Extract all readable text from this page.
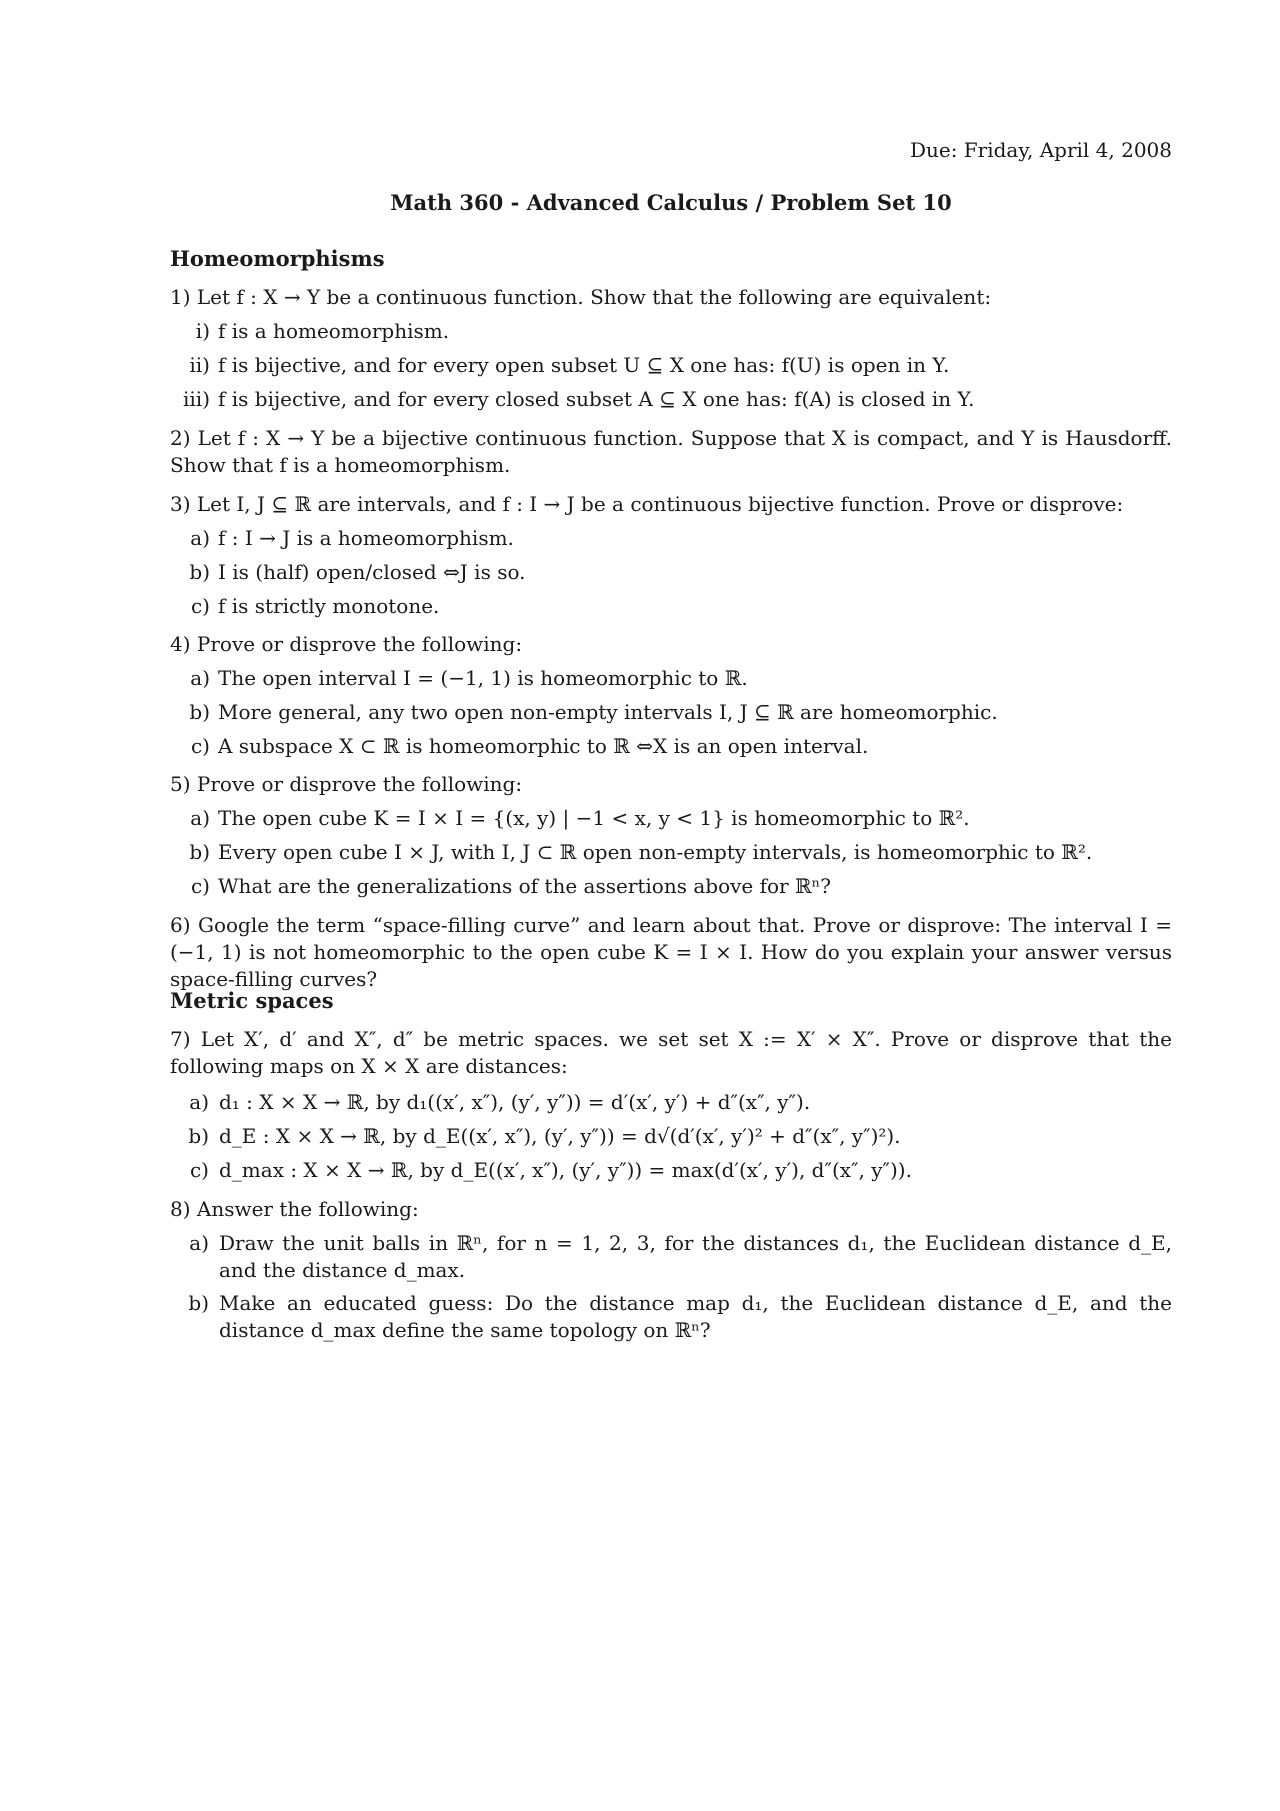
Due: Friday, April 4, 2008
Math 360 - Advanced Calculus / Problem Set 10
Homeomorphisms
1) Let f : X → Y be a continuous function. Show that the following are equivalent:
i) f is a homeomorphism.
ii) f is bijective, and for every open subset U ⊆ X one has: f(U) is open in Y.
iii) f is bijective, and for every closed subset A ⊆ X one has: f(A) is closed in Y.
2) Let f : X → Y be a bijective continuous function. Suppose that X is compact, and Y is Hausdorff. Show that f is a homeomorphism.
3) Let I, J ⊆ ℝ are intervals, and f : I → J be a continuous bijective function. Prove or disprove:
a) f : I → J is a homeomorphism.
b) I is (half) open/closed ⇔J is so.
c) f is strictly monotone.
4) Prove or disprove the following:
a) The open interval I = (−1, 1) is homeomorphic to ℝ.
b) More general, any two open non-empty intervals I, J ⊆ ℝ are homeomorphic.
c) A subspace X ⊂ ℝ is homeomorphic to ℝ ⇔X is an open interval.
5) Prove or disprove the following:
a) The open cube K = I × I = {(x, y) | −1 < x, y < 1} is homeomorphic to ℝ².
b) Every open cube I × J, with I, J ⊂ ℝ open non-empty intervals, is homeomorphic to ℝ².
c) What are the generalizations of the assertions above for ℝⁿ?
6) Google the term “space-filling curve” and learn about that. Prove or disprove: The interval I = (−1, 1) is not homeomorphic to the open cube K = I × I. How do you explain your answer versus space-filling curves?
Metric spaces
7) Let X′, d′ and X″, d″ be metric spaces. we set set X := X′ × X″. Prove or disprove that the following maps on X × X are distances:
a) d₁ : X × X → ℝ, by d₁((x′, x″), (y′, y″)) = d′(x′, y′) + d″(x″, y″).
b) d_E : X × X → ℝ, by d_E((x′, x″), (y′, y″)) = d√(d′(x′, y′)² + d″(x″, y″)²).
c) d_max : X × X → ℝ, by d_E((x′, x″), (y′, y″)) = max(d′(x′, y′), d″(x″, y″)).
8) Answer the following:
a) Draw the unit balls in ℝⁿ, for n = 1, 2, 3, for the distances d₁, the Euclidean distance d_E, and the distance d_max.
b) Make an educated guess: Do the distance map d₁, the Euclidean distance d_E, and the distance d_max define the same topology on ℝⁿ?
